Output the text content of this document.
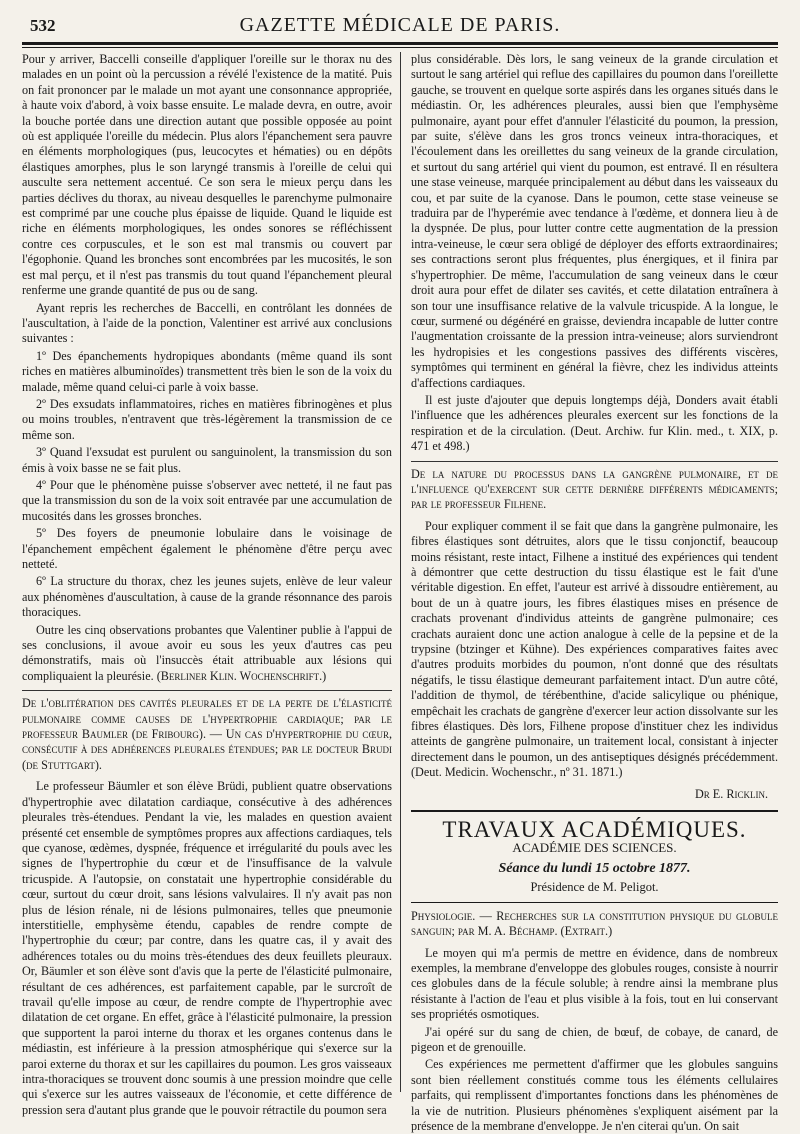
532	GAZETTE MÉDICALE DE PARIS.

Pour y arriver, Baccelli conseille d'appliquer l'oreille sur le thorax nu des malades en un point où la percussion a révélé l'existence de la matité. Puis on fait prononcer par le malade un mot ayant une consonnance appropriée, à haute voix d'abord, à voix basse ensuite. Le malade devra, en outre, avoir la bouche portée dans une direction autant que possible opposée au point où est appliquée l'oreille du médecin. Plus alors l'épanchement sera pauvre en éléments morphologiques (pus, leucocytes et hématies) ou en dépôts élastiques amorphes, plus le son laryngé transmis à l'oreille de celui qui ausculte sera nettement accentué. Ce son sera le mieux perçu dans les parties déclives du thorax, au niveau desquelles le parenchyme pulmonaire est comprimé par une couche plus épaisse de liquide. Quand le liquide est riche en éléments morphologiques, les ondes sonores se réfléchissent contre ces corpuscules, et le son est mal transmis ou couvert par l'égophonie. Quand les bronches sont encombrées par les mucosités, le son est mal perçu, et il n'est pas transmis du tout quand l'épanchement pleural renferme une grande quantité de pus ou de sang.

Ayant repris les recherches de Baccelli, en contrôlant les données de l'auscultation, à l'aide de la ponction, Valentiner est arrivé aux conclusions suivantes :

1º Des épanchements hydropiques abondants (même quand ils sont riches en matières albuminoïdes) transmettent très bien le son de la voix du malade, même quand celui-ci parle à voix basse.

2º Des exsudats inflammatoires, riches en matières fibrinogènes et plus ou moins troubles, n'entravent que très-légèrement la transmission de ce même son.

3º Quand l'exsudat est purulent ou sanguinolent, la transmission du son émis à voix basse ne se fait plus.

4º Pour que le phénomène puisse s'observer avec netteté, il ne faut pas que la transmission du son de la voix soit entravée par une accumulation de mucosités dans les grosses bronches.

5º Des foyers de pneumonie lobulaire dans le voisinage de l'épanchement empêchent également le phénomène d'être perçu avec netteté.

6º La structure du thorax, chez les jeunes sujets, enlève de leur valeur aux phénomènes d'auscultation, à cause de la grande résonnance des parois thoraciques.

Outre les cinq observations probantes que Valentiner publie à l'appui de ses conclusions, il avoue avoir eu sous les yeux d'autres cas peu démonstratifs, mais où l'insuccès était attribuable aux lésions qui compliquaient la pleurésie. (Berliner Klin. Wochenschrift.)

De l'oblitération des cavités pleurales et de la perte de l'élasticité pulmonaire comme causes de l'hypertrophie cardiaque; par le professeur Baumler (de Fribourg). — Un cas d'hypertrophie du cœur, consécutif à des adhérences pleurales étendues; par le docteur Brudi (de Stuttgart).

Le professeur Bäumler et son élève Brüdi, publient quatre observations d'hypertrophie avec dilatation cardiaque, consécutive à des adhérences pleurales très-étendues. Pendant la vie, les malades en question avaient présenté cet ensemble de symptômes propres aux affections cardiaques, tels que cyanose, œdèmes, dyspnée, fréquence et irrégularité du pouls avec les signes de l'hypertrophie du cœur et de l'insuffisance de la valvule tricuspide. A l'autopsie, on constatait une hypertrophie considérable du cœur, surtout du cœur droit, sans lésions valvulaires. Il n'y avait pas non plus de lésion rénale, ni de lésions pulmonaires, telles que pneumonie interstitielle, emphysème étendu, capables de rendre compte de l'hypertrophie du cœur; par contre, dans les quatre cas, il y avait des adhérences totales ou du moins très-étendues des deux feuillets pleuraux. Or, Bäumler et son élève sont d'avis que la perte de l'élasticité pulmonaire, résultant de ces adhérences, est parfaitement capable, par le surcroît de travail qu'elle impose au cœur, de rendre compte de l'hypertrophie avec dilatation de cet organe. En effet, grâce à l'élasticité pulmonaire, la pression que supportent la paroi interne du thorax et les organes contenus dans le médiastin, est inférieure à la pression atmosphérique qui s'exerce sur la paroi externe du thorax et sur les capillaires du poumon. Les gros vaisseaux intra-thoraciques se trouvent donc soumis à une pression moindre que celle qui s'exerce sur les autres vaisseaux de l'économie, et cette différence de pression sera d'autant plus grande que le pouvoir rétractile du poumon sera

plus considérable. Dès lors, le sang veineux de la grande circulation et surtout le sang artériel qui reflue des capillaires du poumon dans l'oreillette gauche, se trouvent en quelque sorte aspirés dans les organes situés dans le médiastin. Or, les adhérences pleurales, aussi bien que l'emphysème pulmonaire, ayant pour effet d'annuler l'élasticité du poumon, la pression, par suite, s'élève dans les gros troncs veineux intra-thoraciques, et l'écoulement dans les oreillettes du sang veineux de la grande circulation, et surtout du sang artériel qui vient du poumon, est entravé. Il en résultera une stase veineuse, marquée principalement au début dans les vaisseaux du cou, et par suite de la cyanose. Dans le poumon, cette stase veineuse se traduira par de l'hyperémie avec tendance à l'œdème, et donnera lieu à de la dyspnée. De plus, pour lutter contre cette augmentation de la pression intra-veineuse, le cœur sera obligé de déployer des efforts extraordinaires; ses contractions seront plus fréquentes, plus énergiques, et il finira par s'hypertrophier. De même, l'accumulation de sang veineux dans le cœur droit aura pour effet de dilater ses cavités, et cette dilatation entraînera à son tour une insuffisance relative de la valvule tricuspide. A la longue, le cœur, surmené ou dégénéré en graisse, deviendra incapable de lutter contre l'augmentation croissante de la pression intra-veineuse; alors surviendront les hydropisies et les congestions passives des différents viscères, symptômes qui terminent en général la fièvre, chez les individus atteints d'affections cardiaques.

Il est juste d'ajouter que depuis longtemps déjà, Donders avait établi l'influence que les adhérences pleurales exercent sur les fonctions de la respiration et de la circulation. (Deut. Archiw. fur Klin. med., t. XIX, p. 471 et 498.)

De la nature du processus dans la gangrène pulmonaire, et de l'influence qu'exercent sur cette dernière différents médicaments; par le professeur Filhene.

Pour expliquer comment il se fait que dans la gangrène pulmonaire, les fibres élastiques sont détruites, alors que le tissu conjonctif, beaucoup moins résistant, reste intact, Filhene a institué des expériences qui tendent à démontrer que cette destruction du tissu élastique est le fait d'une véritable digestion. En effet, l'auteur est arrivé à dissoudre entièrement, au bout de un à quatre jours, les fibres élastiques mises en présence de crachats provenant d'individus atteints de gangrène pulmonaire; ces crachats auraient donc une action analogue à celle de la pepsine et de la trypsine (btzinger et Kühne). Des expériences comparatives faites avec d'autres produits morbides du poumon, n'ont donné que des résultats négatifs, le tissu élastique demeurant parfaitement intact. D'un autre côté, l'addition de thymol, de térébenthine, d'acide salicylique ou phénique, empêchait les crachats de gangrène d'exercer leur action dissolvante sur les fibres élastiques. Dès lors, Filhene propose d'instituer chez les individus atteints de gangrène pulmonaire, un traitement local, consistant à injecter directement dans le poumon, un des antiseptiques désignés précédemment. (Deut. Medicin. Wochenschr., nº 31. 1871.)

Dr E. Ricklin.

TRAVAUX ACADÉMIQUES.
ACADÉMIE DES SCIENCES.
Séance du lundi 15 octobre 1877.
Présidence de M. Peligot.

Physiologie. — Recherches sur la constitution physique du globule sanguin; par M. A. Béchamp. (Extrait.)

Le moyen qui m'a permis de mettre en évidence, dans de nombreux exemples, la membrane d'enveloppe des globules rouges, consiste à nourrir ces globules dans de la fécule soluble; à rendre ainsi la membrane plus résistante à l'action de l'eau et plus visible à la fois, tout en lui conservant ses propriétés osmotiques.

J'ai opéré sur du sang de chien, de bœuf, de cobaye, de canard, de pigeon et de grenouille.

Ces expériences me permettent d'affirmer que les globules sanguins sont bien réellement constitués comme tous les éléments cellulaires parfaits, qui remplissent d'importantes fonctions dans les phénomènes de la vie de nutrition. Plusieurs phénomènes s'expliquent aisément par la présence de la membrane d'enveloppe. Je n'en citerai qu'un. On sait
